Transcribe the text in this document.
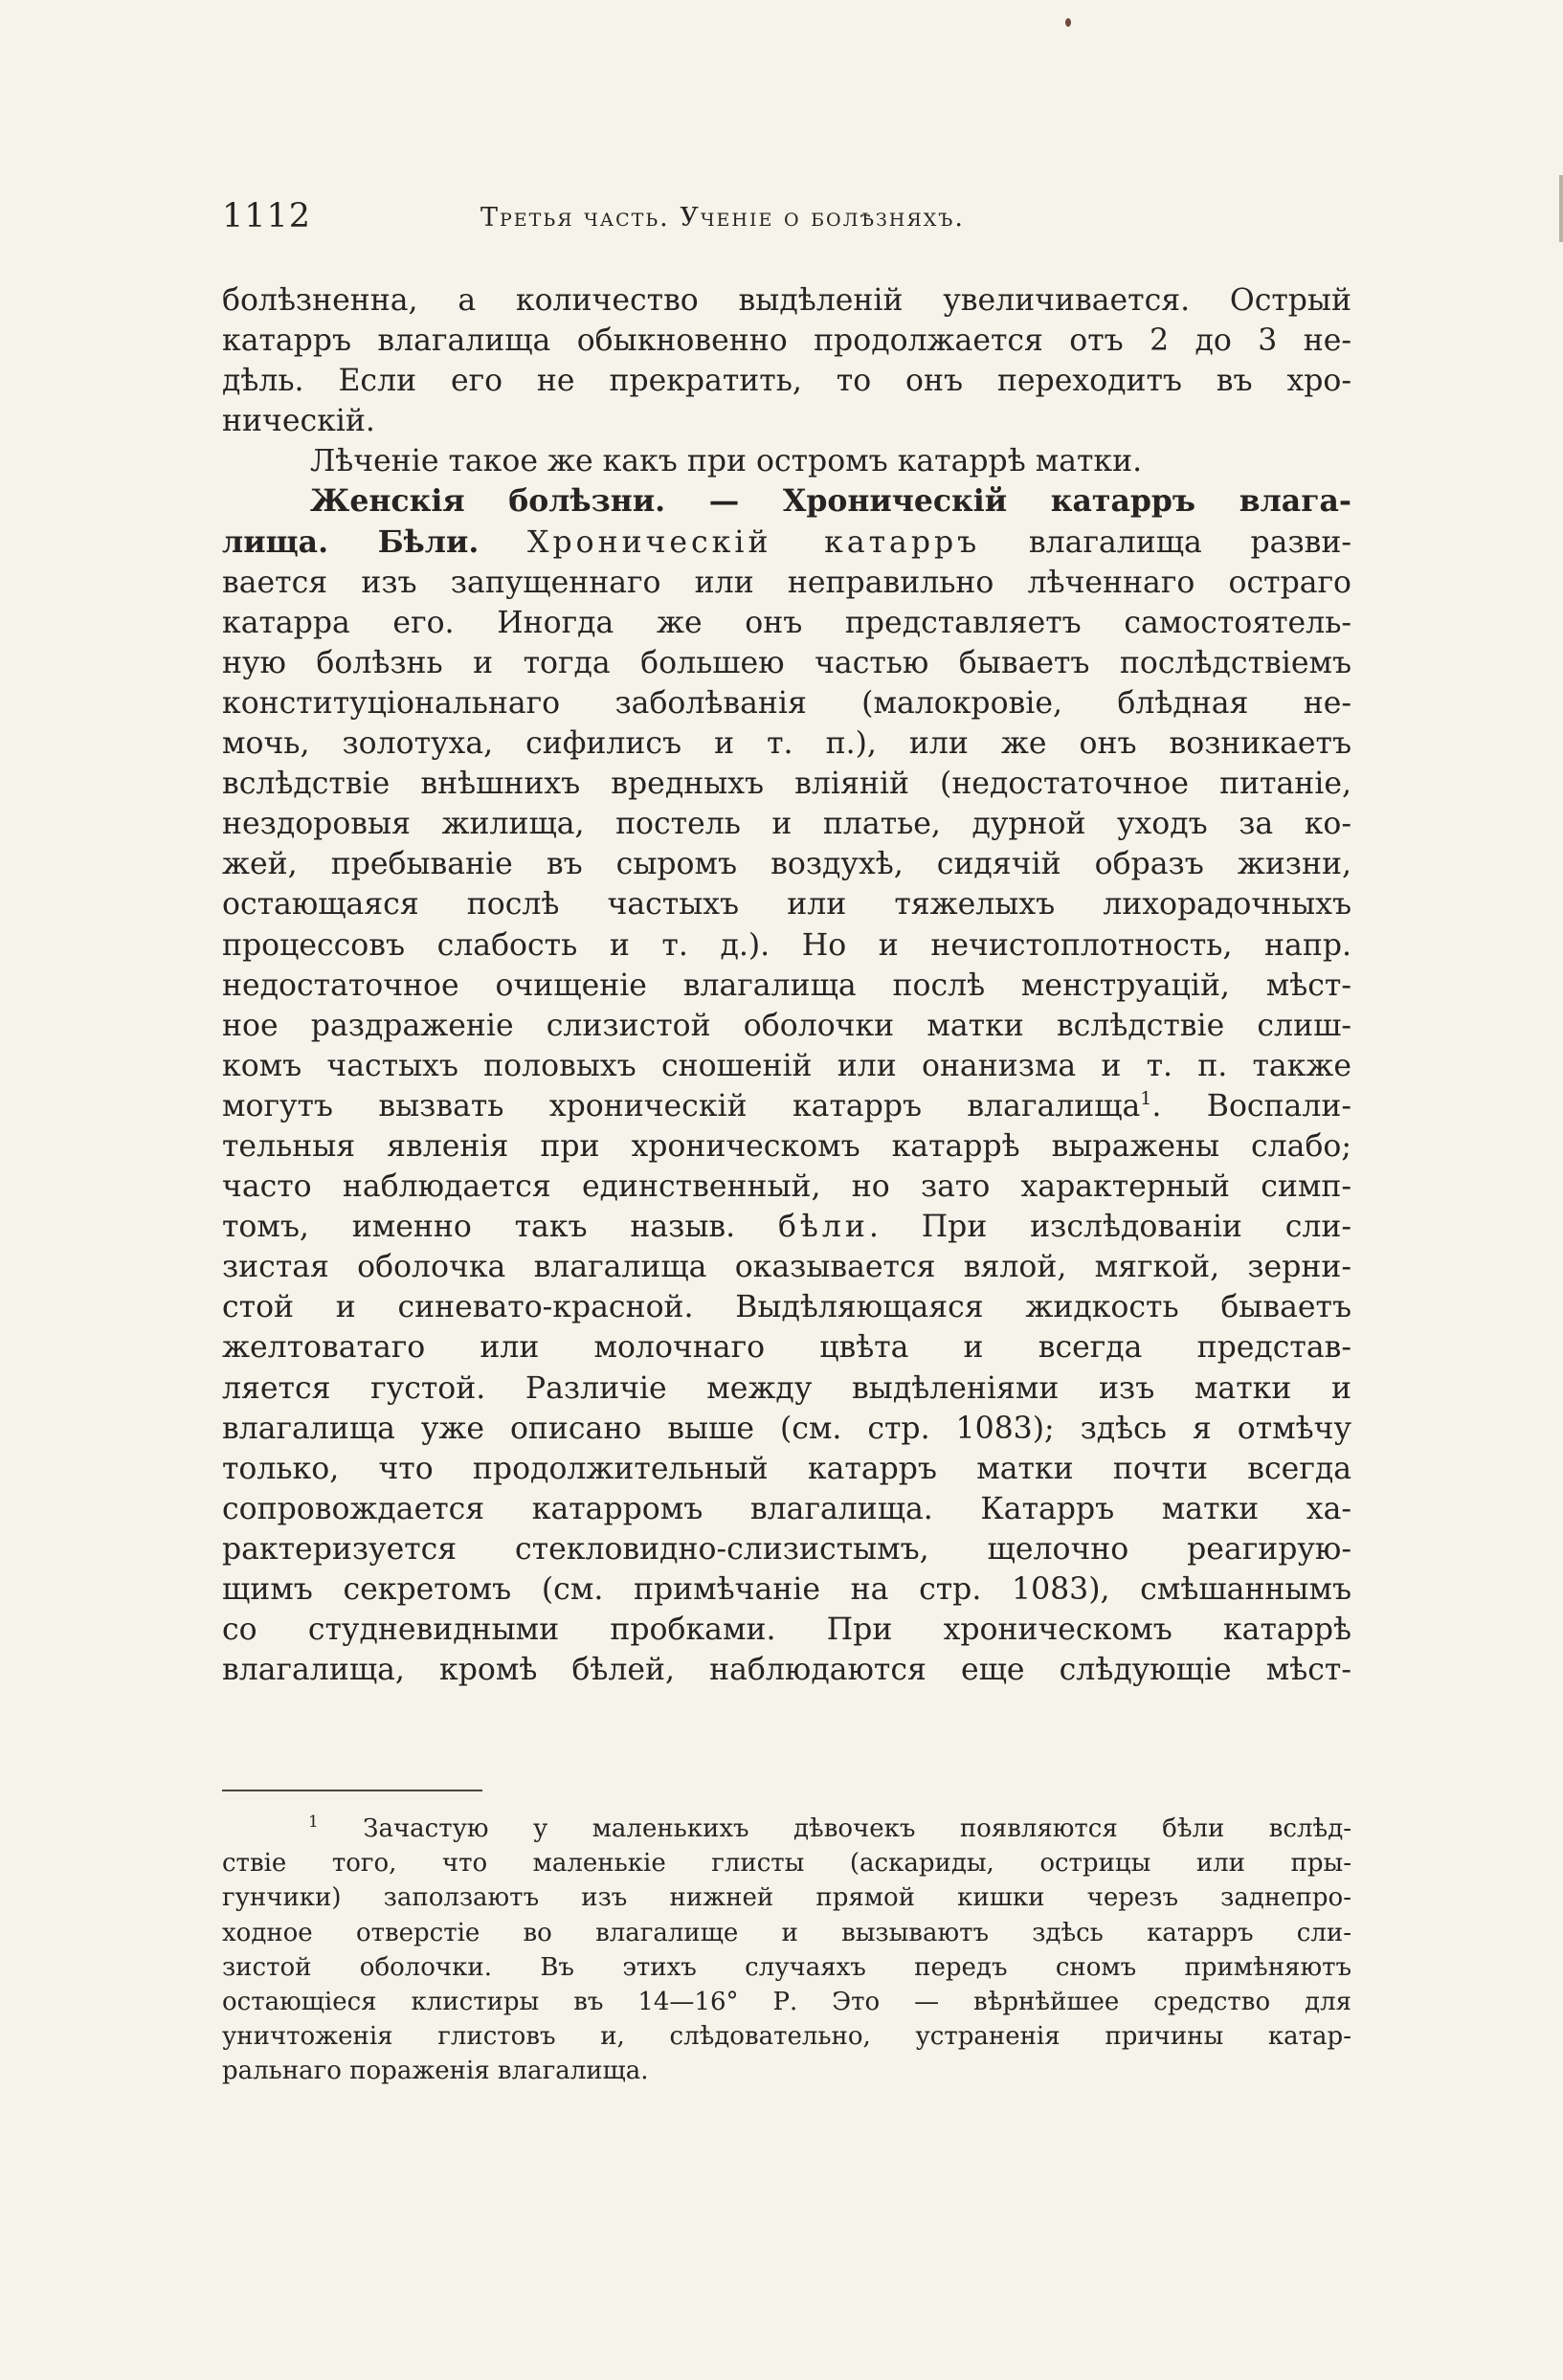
1112	Третья часть. Ученіе о болѣзняхъ.
болѣзненна, а количество выдѣленій увеличивается. Острый
катарръ влагалища обыкновенно продолжается отъ 2 до 3 не-
дѣль. Если его не прекратить, то онъ переходитъ въ хро-
ническій.
Лѣченіе такое же какъ при остромъ катаррѣ матки.
Женскія болѣзни. — Хроническій катарръ влага-
лища. Бѣли. Хроническій катарръ влагалища разви-
вается изъ запущеннаго или неправильно лѣченнаго остраго
катарра его. Иногда же онъ представляетъ самостоятель-
ную болѣзнь и тогда большею частью бываетъ послѣдствіемъ
конституціональнаго заболѣванія (малокровіе, блѣдная не-
мочь, золотуха, сифилисъ и т. п.), или же онъ возникаетъ
вслѣдствіе внѣшнихъ вредныхъ вліяній (недостаточное питаніе,
нездоровыя жилища, постель и платье, дурной уходъ за ко-
жей, пребываніе въ сыромъ воздухѣ, сидячій образъ жизни,
остающаяся послѣ частыхъ или тяжелыхъ лихорадочныхъ
процессовъ слабость и т. д.). Но и нечистоплотность, напр.
недостаточное очищеніе влагалища послѣ менструацій, мѣст-
ное раздраженіе слизистой оболочки матки вслѣдствіе слиш-
комъ частыхъ половыхъ сношеній или онанизма и т. п. также
могутъ вызвать хроническій катарръ влагалища$^1$. Воспали-
тельныя явленія при хроническомъ катаррѣ выражены слабо;
часто наблюдается единственный, но зато характерный симп-
томъ, именно такъ назыв. бѣли. При изслѣдованіи сли-
зистая оболочка влагалища оказывается вялой, мягкой, зерни-
стой и синевато-красной. Выдѣляющаяся жидкость бываетъ
желтоватаго или молочнаго цвѣта и всегда представ-
ляется густой. Различіе между выдѣленіями изъ матки и
влагалища уже описано выше (см. стр. 1083); здѣсь я отмѣчу
только, что продолжительный катарръ матки почти всегда
сопровождается катарромъ влагалища. Катарръ матки ха-
рактеризуется стекловидно-слизистымъ, щелочно реагирую-
щимъ секретомъ (см. примѣчаніе на стр. 1083), смѣшаннымъ
со студневидными пробками. При хроническомъ катаррѣ
влагалища, кромѣ бѣлей, наблюдаются еще слѣдующіе мѣст-
$^1$ Зачастую у маленькихъ дѣвочекъ появляются бѣли вслѣд-
ствіе того, что маленькіе глисты (аскариды, острицы или пры-
гунчики) заползаютъ изъ нижней прямой кишки черезъ заднепро-
ходное отверстіе во влагалище и вызываютъ здѣсь катарръ сли-
зистой оболочки. Въ этихъ случаяхъ передъ сномъ примѣняютъ
остающіеся клистиры въ 14—16° Р. Это — вѣрнѣйшее средство для
уничтоженія глистовъ и, слѣдовательно, устраненія причины катар-
ральнаго пораженія влагалища.
